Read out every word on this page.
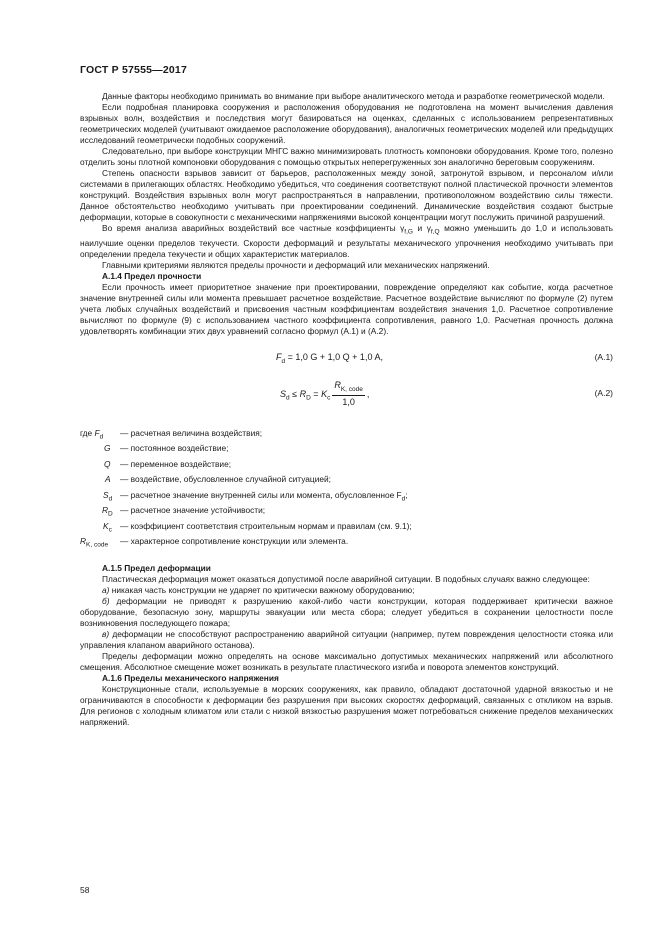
ГОСТ Р 57555—2017

Данные факторы необходимо принимать во внимание при выборе аналитического метода и разработке геометрической модели.

Если подробная планировка сооружения и расположения оборудования не подготовлена на момент вычисления давления взрывных волн, воздействия и последствия могут базироваться на оценках, сделанных с использованием репрезентативных геометрических моделей (учитывают ожидаемое расположение оборудования), аналогичных геометрических моделей или предыдущих исследований геометрически подобных сооружений.

Следовательно, при выборе конструкции МНГС важно минимизировать плотность компоновки оборудования. Кроме того, полезно отделить зоны плотной компоновки оборудования с помощью открытых неперегруженных зон аналогично береговым сооружениям.

Степень опасности взрывов зависит от барьеров, расположенных между зоной, затронутой взрывом, и персоналом и/или системами в прилегающих областях. Необходимо убедиться, что соединения соответствуют полной пластической прочности элементов конструкций. Воздействия взрывных волн могут распространяться в направлении, противоположном воздействию силы тяжести. Данное обстоятельство необходимо учитывать при проектировании соединений. Динамические воздействия создают быстрые деформации, которые в совокупности с механическими напряжениями высокой концентрации могут послужить причиной разрушений.

Во время анализа аварийных воздействий все частные коэффициенты $\gamma_{f,G}$ и $\gamma_{f,Q}$ можно уменьшить до 1,0 и использовать наилучшие оценки пределов текучести. Скорости деформаций и результаты механического упрочнения необходимо учитывать при определении предела текучести и общих характеристик материалов.

Главными критериями являются пределы прочности и деформаций или механических напряжений.

А.1.4 Предел прочности

Если прочность имеет приоритетное значение при проектировании, повреждение определяют как событие, когда расчетное значение внутренней силы или момента превышает расчетное воздействие. Расчетное воздействие вычисляют по формуле (2) путем учета любых случайных воздействий и присвоения частным коэффициентам воздействия значения 1,0. Расчетное сопротивление вычисляют по формуле (9) с использованием частного коэффициента сопротивления, равного 1,0. Расчетная прочность должна удовлетворять комбинации этих двух уравнений согласно формул (А.1) и (А.2).

$F_d = 1,0$ G + 1,0 Q + 1,0 A,	(А.1)
$S_d \le R_D = K_c \frac{R_{K, code}}{1,0}$ ,	(А.2)
где $F_d$ — расчетная величина воздействия;
G — постоянное воздействие;
Q — переменное воздействие;
A — воздействие, обусловленное случайной ситуацией;
$S_d$ — расчетное значение внутренней силы или момента, обусловленное $F_d$;
$R_D$ — расчетное значение устойчивости;
$K_c$ — коэффициент соответствия строительным нормам и правилам (см. 9.1);
$R_{K, code}$ — характерное сопротивление конструкции или элемента.
А.1.5 Предел деформации

Пластическая деформация может оказаться допустимой после аварийной ситуации. В подобных случаях важно следующее:

а) никакая часть конструкции не ударяет по критически важному оборудованию;

б) деформации не приводят к разрушению какой-либо части конструкции, которая поддерживает критически важное оборудование, безопасную зону, маршруты эвакуации или места сбора; следует убедиться в сохранении целостности после возникновения последующего пожара;

в) деформации не способствуют распространению аварийной ситуации (например, путем повреждения целостности стояка или управления клапаном аварийного останова).

Пределы деформации можно определять на основе максимально допустимых механических напряжений или абсолютного смещения. Абсолютное смещение может возникать в результате пластического изгиба и поворота элементов конструкций.

А.1.6 Пределы механического напряжения

Конструкционные стали, используемые в морских сооружениях, как правило, обладают достаточной ударной вязкостью и не ограничиваются в способности к деформации без разрушения при высоких скоростях деформаций, связанных с откликом на взрыв. Для регионов с холодным климатом или стали с низкой вязкостью разрушения может потребоваться снижение пределов механических напряжений.

58
